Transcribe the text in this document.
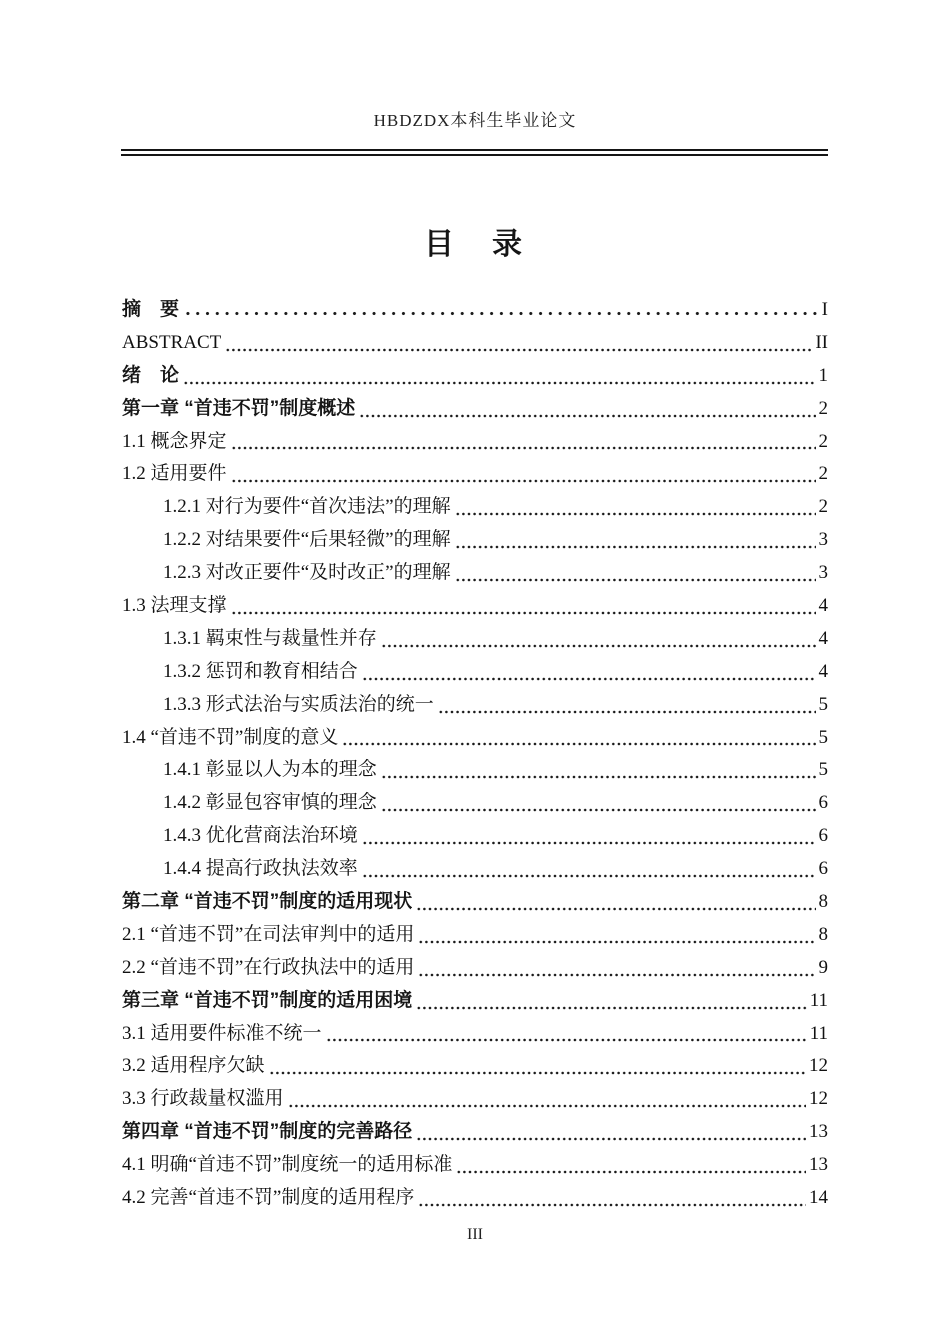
HBDZDX本科生毕业论文
目　录
摘　要	I
ABSTRACT	II
绪　论	1
第一章 “首违不罚”制度概述	2
1.1 概念界定	2
1.2 适用要件	2
1.2.1 对行为要件“首次违法”的理解	2
1.2.2 对结果要件“后果轻微”的理解	3
1.2.3 对改正要件“及时改正”的理解	3
1.3 法理支撑	4
1.3.1 羁束性与裁量性并存	4
1.3.2 惩罚和教育相结合	4
1.3.3 形式法治与实质法治的统一	5
1.4 “首违不罚”制度的意义	5
1.4.1 彰显以人为本的理念	5
1.4.2 彰显包容审慎的理念	6
1.4.3 优化营商法治环境	6
1.4.4 提高行政执法效率	6
第二章 “首违不罚”制度的适用现状	8
2.1 “首违不罚”在司法审判中的适用	8
2.2 “首违不罚”在行政执法中的适用	9
第三章 “首违不罚”制度的适用困境	11
3.1 适用要件标准不统一	11
3.2 适用程序欠缺	12
3.3 行政裁量权滥用	12
第四章 “首违不罚”制度的完善路径	13
4.1 明确“首违不罚”制度统一的适用标准	13
4.2 完善“首违不罚”制度的适用程序	14
III
